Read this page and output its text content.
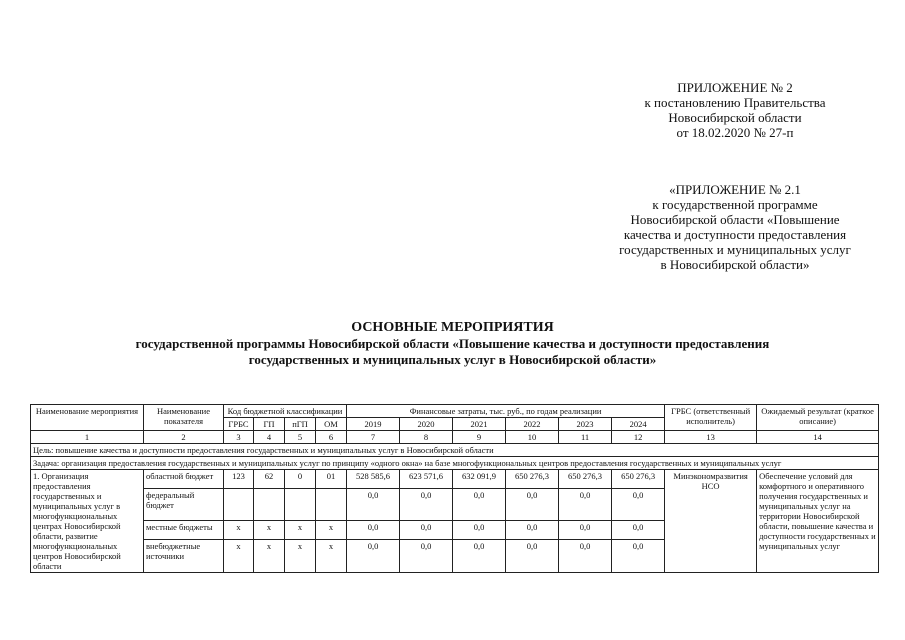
ПРИЛОЖЕНИЕ № 2
к постановлению Правительства
Новосибирской области
от 18.02.2020 № 27-п
«ПРИЛОЖЕНИЕ № 2.1
к государственной программе
Новосибирской области «Повышение
качества и доступности предоставления
государственных и муниципальных услуг
в Новосибирской области»
ОСНОВНЫЕ МЕРОПРИЯТИЯ
государственной программы Новосибирской области «Повышение качества и доступности предоставления
государственных и муниципальных услуг в Новосибирской области»
Наименование мероприятия	Наименование показателя	Код бюджетной классификации				Финансовые затраты, тыс. руб., по годам реализации						ГРБС (ответственный исполнитель)	Ожидаемый результат (краткое описание)
		ГРБС	ГП	пГП	ОМ	2019	2020	2021	2022	2023	2024		
1	2	3	4	5	6	7	8	9	10	11	12	13	14
Цель: повышение качества и доступности предоставления государственных и муниципальных услуг в Новосибирской области													
Задача: организация предоставления государственных и муниципальных услуг по принципу «одного окна» на базе многофункциональных центров предоставления государственных и муниципальных услуг													
1. Организация предоставления государственных и муниципальных услуг в многофункциональных центрах Новосибирской области, развитие многофункциональных центров Новосибирской области	областной бюджет	123	62	0	01	528 585,6	623 571,6	632 091,9	650 276,3	650 276,3	650 276,3	Минэкономразвития НСО	Обеспечение условий для комфортного и оперативного получения государственных и муниципальных услуг на территории Новосибирской области, повышение качества и доступности государственных и муниципальных услуг
	федеральный бюджет					0,0	0,0	0,0	0,0	0,0	0,0		
	местные бюджеты	х	х	х	х	0,0	0,0	0,0	0,0	0,0	0,0		
	внебюджетные источники	х	х	х	х	0,0	0,0	0,0	0,0	0,0	0,0		
